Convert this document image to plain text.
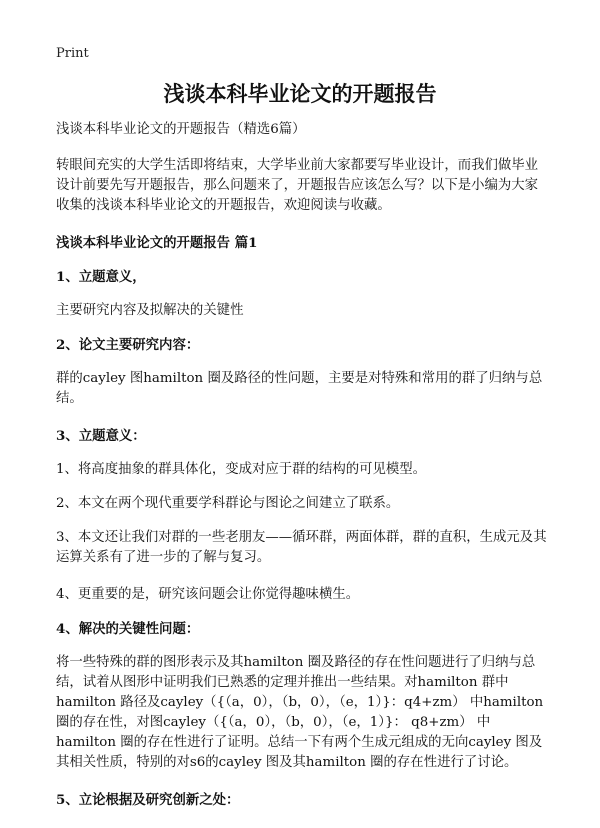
Print
浅谈本科毕业论文的开题报告

浅谈本科毕业论文的开题报告（精选6篇）

转眼间充实的大学生活即将结束，大学毕业前大家都要写毕业设计，而我们做毕业设计前要先写开题报告，那么问题来了，开题报告应该怎么写？以下是小编为大家收集的浅谈本科毕业论文的开题报告，欢迎阅读与收藏。

浅谈本科毕业论文的开题报告 篇1

1、立题意义，

主要研究内容及拟解决的关键性

2、论文主要研究内容：

群的cayley 图hamilton 圈及路径的性问题，主要是对特殊和常用的群了归纳与总结。

3、立题意义：

1、将高度抽象的群具体化，变成对应于群的结构的可见模型。

2、本文在两个现代重要学科群论与图论之间建立了联系。

3、本文还让我们对群的一些老朋友——循环群，两面体群，群的直积，生成元及其运算关系有了进一步的了解与复习。

4、更重要的是，研究该问题会让你觉得趣味横生。

4、解决的关键性问题：

将一些特殊的群的图形表示及其hamilton 圈及路径的存在性问题进行了归纳与总结，试着从图形中证明我们已熟悉的定理并推出一些结果。对hamilton 群中hamilton 路径及cayley（{（a，0），（b，0），（e，1）}：q4+zm） 中hamilton 圈的存在性，对图cayley（{（a，0），（b，0），（e，1）}： q8+zm） 中hamilton 圈的存在性进行了证明。总结一下有两个生成元组成的无向cayley 图及其相关性质，特别的对s6的cayley 图及其hamilton 圈的存在性进行了讨论。

5、立论根据及研究创新之处：
